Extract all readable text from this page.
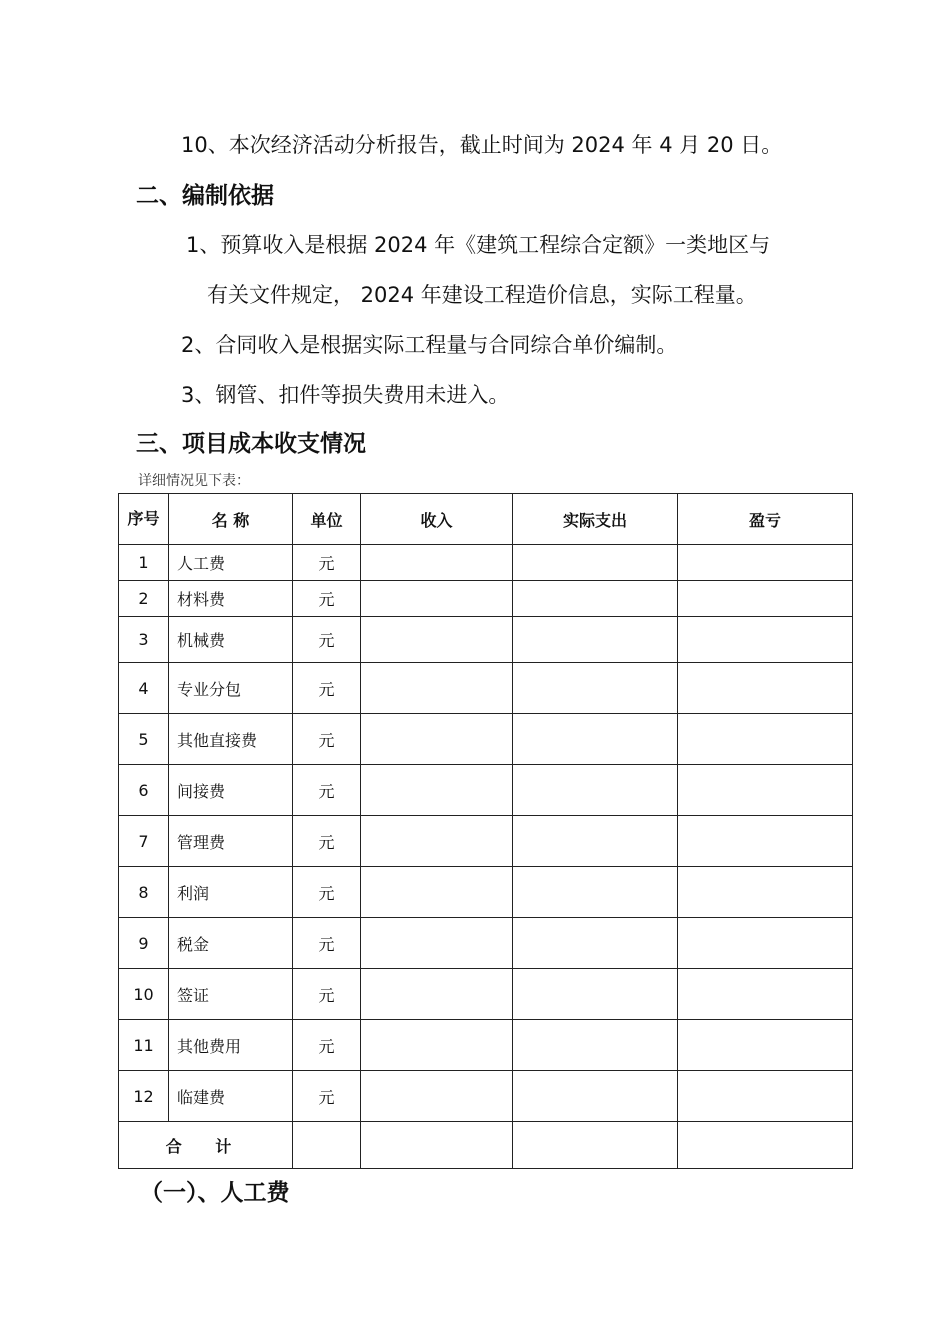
10、本次经济活动分析报告，截止时间为 2024 年 4 月 20 日。
二、编制依据
1、预算收入是根据 2024 年《建筑工程综合定额》一类地区与
有关文件规定， 2024 年建设工程造价信息，实际工程量。
2、合同收入是根据实际工程量与合同综合单价编制。
3、钢管、扣件等损失费用未进入。
三、项目成本收支情况
详细情况见下表：
序号	名 称	单位	收入	实际支出	盈亏
1	人工费	元			
2	材料费	元			
3	机械费	元			
4	专业分包	元			
5	其他直接费	元			
6	间接费	元			
7	管理费	元			
8	利润	元			
9	税金	元			
10	签证	元			
11	其他费用	元			
12	临建费	元			
合 计					
（一）、人工费
